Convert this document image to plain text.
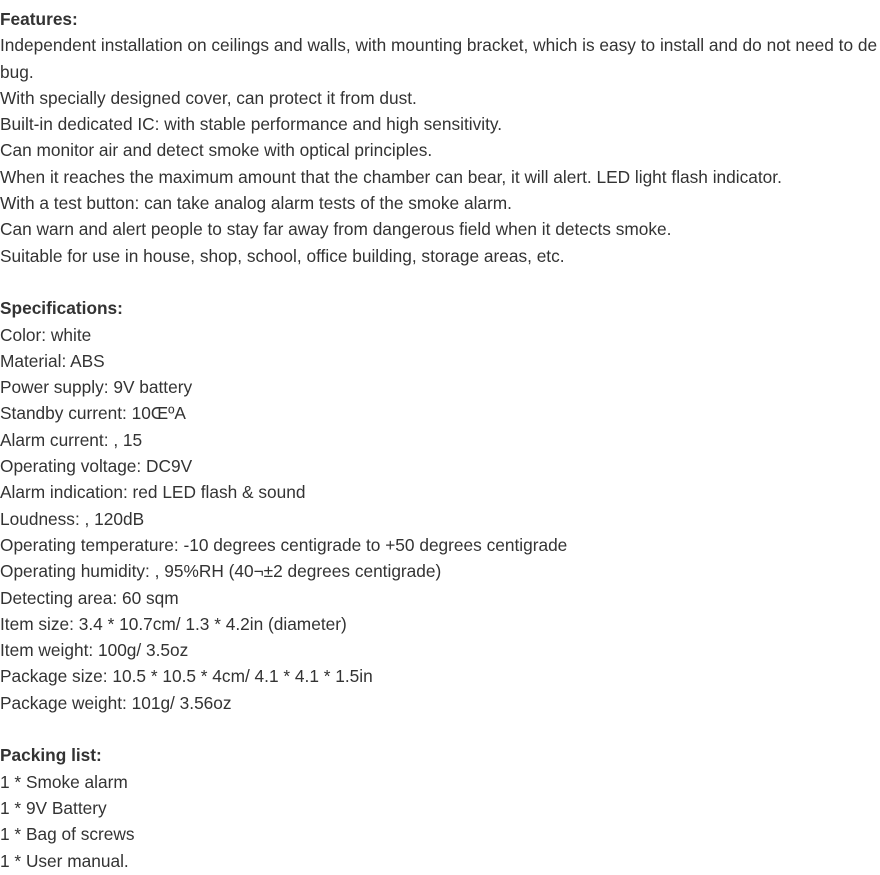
Features:
Independent installation on ceilings and walls, with mounting bracket, which is easy to install and do not need to debug.
With specially designed cover, can protect it from dust.
Built-in dedicated IC: with stable performance and high sensitivity.
Can monitor air and detect smoke with optical principles.
When it reaches the maximum amount that the chamber can bear, it will alert. LED light flash indicator.
With a test button: can take analog alarm tests of the smoke alarm.
Can warn and alert people to stay far away from dangerous field when it detects smoke.
Suitable for use in house, shop, school, office building, storage areas, etc.
Specifications:
Color: white
Material: ABS
Power supply: 9V battery
Standby current: 10ŒºA
Alarm current: , 15
Operating voltage: DC9V
Alarm indication: red LED flash & sound
Loudness: , 120dB
Operating temperature: -10 degrees centigrade to +50 degrees centigrade
Operating humidity: , 95%RH (40¬±2 degrees centigrade)
Detecting area: 60 sqm
Item size: 3.4 * 10.7cm/ 1.3 * 4.2in (diameter)
Item weight: 100g/ 3.5oz
Package size: 10.5 * 10.5 * 4cm/ 4.1 * 4.1 * 1.5in
Package weight: 101g/ 3.56oz
Packing list:
1 * Smoke alarm
1 * 9V Battery
1 * Bag of screws
1 * User manual.
